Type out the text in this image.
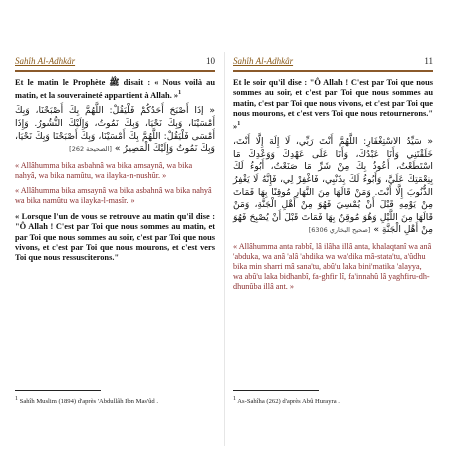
Sahîh Al-Adhkâr	10

Et le matin le Prophète ﷺ disait : « Nous voilà au matin, et la souveraineté appartient à Allah. »$^1$

« إذَا أَصْبَحَ أَحَدُكُمْ فَلْيَقُلْ: اللَّهُمَّ بِكَ أَصْبَحْنَا، وَبِكَ أَمْسَيْنَا، وَبِكَ نَحْيَا، وَبِكَ نَمُوتُ، وَإِلَيْكَ النُّشُورُ. وَإِذَا أَمْسَى فَلْيَقُلْ: اللَّهُمَّ بِكَ أَمْسَيْنَا، وَبِكَ أَصْبَحْنَا وَبِكَ نَحْيَا، وَبِكَ نَمُوتُ وَإِلَيْكَ الْمَصِيرُ » [الصحيحة 262]

« Allâhumma bika asbahnâ wa bika amsaynâ, wa bika nahyâ, wa bika namûtu, wa ilayka-n-nushûr. »

« Allâhumma bika amsaynâ wa bika asbahnâ wa bika nahyâ wa bika namûtu wa ilayka-l-masîr. »

« Lorsque l'un de vous se retrouve au matin qu'il dise : "Ô Allah ! C'est par Toi que nous sommes au matin, et par Toi que nous sommes au soir, c'est par Toi que nous vivons, et c'est par Toi que nous mourons, et c'est vers Toi que nous ressusciterons."

$^1$ Sahîh Muslim (1894) d'après 'Abdullâh Ibn Mas'ûd .
Sahîh Al-Adhkâr	11

Et le soir qu'il dise : "Ô Allah ! C'est par Toi que nous sommes au soir, et c'est par Toi que nous sommes au matin, c'est par Toi que nous vivons, et c'est par Toi que nous mourons, et c'est vers Toi que nous retournerons." »$^1$

« سَيِّدُ الاسْتِغْفَارِ: اللَّهُمَّ أَنْتَ رَبِّي، لَا إِلَهَ إِلَّا أَنْتَ، خَلَقْتَنِي وَأَنَا عَبْدُكَ، وَأَنَا عَلَى عَهْدِكَ وَوَعْدِكَ مَا اسْتَطَعْتُ، أَعُوذُ بِكَ مِنْ شَرِّ مَا صَنَعْتُ، أَبُوءُ لَكَ بِنِعْمَتِكَ عَلَيَّ، وَأَبُوءُ لَكَ بِذَنْبِي، فَاغْفِرْ لِي، فَإِنَّهُ لَا يَغْفِرُ الذُّنُوبَ إِلَّا أَنْتَ. وَمَنْ قَالَهَا مِنَ النَّهَارِ مُوقِنًا بِهَا فَمَاتَ مِنْ يَوْمِهِ قَبْلَ أَنْ يُمْسِيَ فَهُوَ مِنْ أَهْلِ الْجَنَّةِ، وَمَنْ قَالَهَا مِنَ اللَّيْلِ وَهُوَ مُوقِنٌ بِهَا فَمَاتَ قَبْلَ أَنْ يُصْبِحَ فَهُوَ مِنْ أَهْلِ الْجَنَّةِ » [صحيح البخاري 6306]

« Allâhumma anta rabbî, lâ ilâha illâ anta, khalaqtanî wa anâ 'abduka, wa anâ 'alâ 'ahdika wa wa'dika mâ-stata'tu, a'ûdhu bika min sharri mâ sana'tu, abû'u laka bini'matika 'alayya, wa abû'u laka bidhanbî, fa-ghfir lî, fa'innahû lâ yaghfiru-dh-dhunûba illâ ant. »

$^1$ As-Sahîha (262) d'après Abû Hurayra .
